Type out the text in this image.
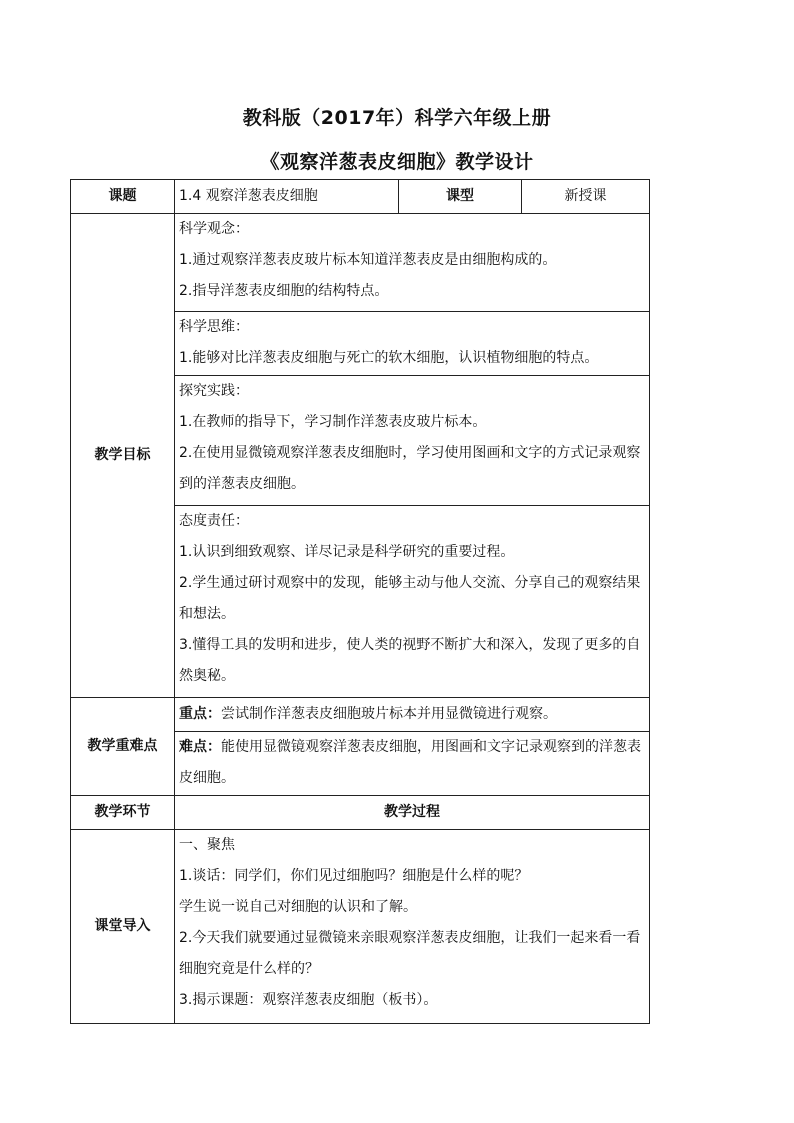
教科版（2017年）科学六年级上册
《观察洋葱表皮细胞》教学设计
课题	1.4 观察洋葱表皮细胞	课型	新授课
教学目标	科学观念：
1.通过观察洋葱表皮玻片标本知道洋葱表皮是由细胞构成的。
2.指导洋葱表皮细胞的结构特点。		

	科学思维：
1.能够对比洋葱表皮细胞与死亡的软木细胞，认识植物细胞的特点。		

	探究实践：
1.在教师的指导下，学习制作洋葱表皮玻片标本。
2.在使用显微镜观察洋葱表皮细胞时，学习使用图画和文字的方式记录观察到的洋葱表皮细胞。		

	态度责任：
1.认识到细致观察、详尽记录是科学研究的重要过程。
2.学生通过研讨观察中的发现，能够主动与他人交流、分享自己的观察结果和想法。
3.懂得工具的发明和进步，使人类的视野不断扩大和深入，发现了更多的自然奥秘。		

教学重难点	重点：尝试制作洋葱表皮细胞玻片标本并用显微镜进行观察。		
	难点：能使用显微镜观察洋葱表皮细胞，用图画和文字记录观察到的洋葱表皮细胞。		
教学环节	教学过程		
课堂导入	一、聚焦
1.谈话：同学们，你们见过细胞吗？细胞是什么样的呢？
学生说一说自己对细胞的认识和了解。
2.今天我们就要通过显微镜来亲眼观察洋葱表皮细胞，让我们一起来看一看细胞究竟是什么样的？
3.揭示课题：观察洋葱表皮细胞（板书）。		
